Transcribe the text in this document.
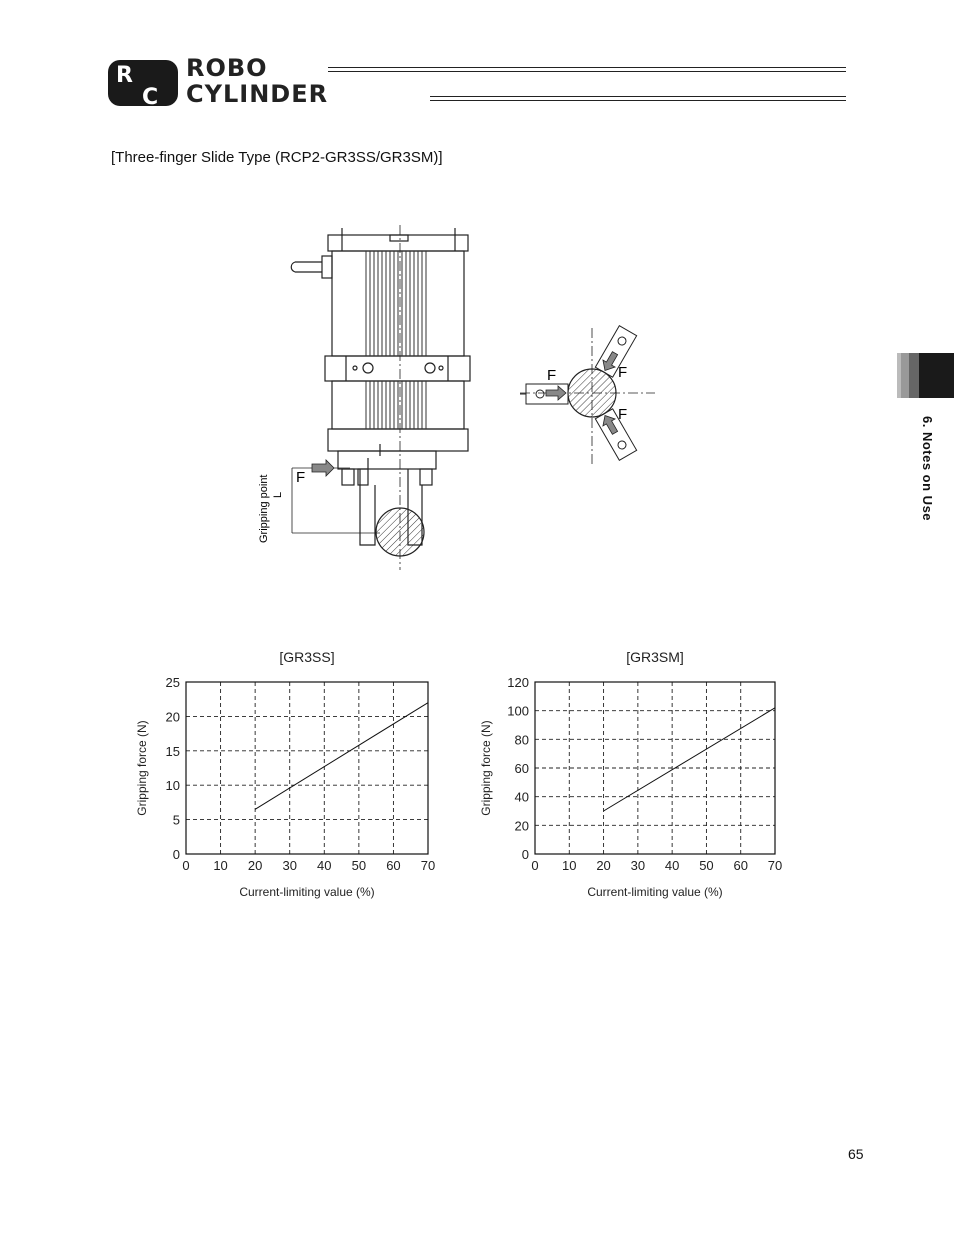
R
C
ROBO
CYLINDER
[Three-finger Slide Type (RCP2-GR3SS/GR3SM)]
F
Gripping point L
F	F
F
[GR3SS]
0 10 20 30 40 50 60 70
0
5
10
15
20
25
Current-limiting value (%)
Gripping force (N)
[GR3SM]
0 10 20 30 40 50 60 70
0
20
40
60
80
100
120
Current-limiting value (%)
Gripping force (N)
6. Notes on Use
65
